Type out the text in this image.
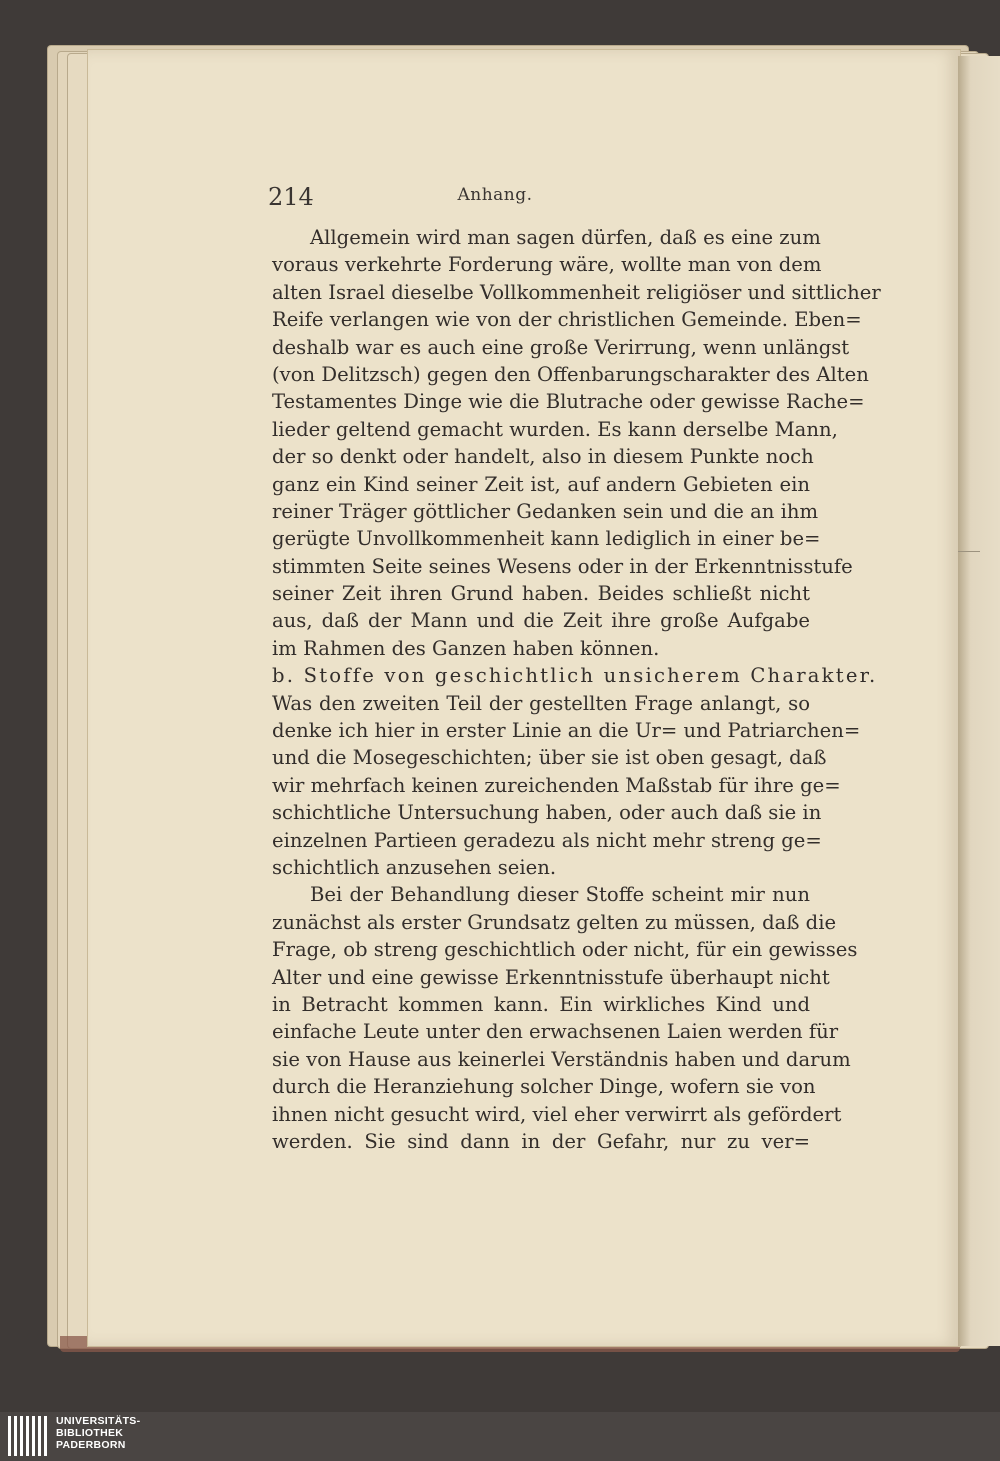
214	Anhang.
Allgemein wird man sagen dürfen, daß es eine zum
voraus verkehrte Forderung wäre, wollte man von dem
alten Israel dieselbe Vollkommenheit religiöser und sittlicher
Reife verlangen wie von der christlichen Gemeinde. Eben=
deshalb war es auch eine große Verirrung, wenn unlängst
(von Delitzsch) gegen den Offenbarungscharakter des Alten
Testamentes Dinge wie die Blutrache oder gewisse Rache=
lieder geltend gemacht wurden. Es kann derselbe Mann,
der so denkt oder handelt, also in diesem Punkte noch
ganz ein Kind seiner Zeit ist, auf andern Gebieten ein
reiner Träger göttlicher Gedanken sein und die an ihm
gerügte Unvollkommenheit kann lediglich in einer be=
stimmten Seite seines Wesens oder in der Erkenntnisstufe
seiner Zeit ihren Grund haben. Beides schließt nicht
aus, daß der Mann und die Zeit ihre große Aufgabe
im Rahmen des Ganzen haben können.
b. Stoffe von geschichtlich unsicherem Charakter.
Was den zweiten Teil der gestellten Frage anlangt, so
denke ich hier in erster Linie an die Ur= und Patriarchen=
und die Mosegeschichten; über sie ist oben gesagt, daß
wir mehrfach keinen zureichenden Maßstab für ihre ge=
schichtliche Untersuchung haben, oder auch daß sie in
einzelnen Partieen geradezu als nicht mehr streng ge=
schichtlich anzusehen seien.
Bei der Behandlung dieser Stoffe scheint mir nun
zunächst als erster Grundsatz gelten zu müssen, daß die
Frage, ob streng geschichtlich oder nicht, für ein gewisses
Alter und eine gewisse Erkenntnisstufe überhaupt nicht
in Betracht kommen kann. Ein wirkliches Kind und
einfache Leute unter den erwachsenen Laien werden für
sie von Hause aus keinerlei Verständnis haben und darum
durch die Heranziehung solcher Dinge, wofern sie von
ihnen nicht gesucht wird, viel eher verwirrt als gefördert
werden. Sie sind dann in der Gefahr, nur zu ver=
UNIVERSITÄTS-
BIBLIOTHEK
PADERBORN
